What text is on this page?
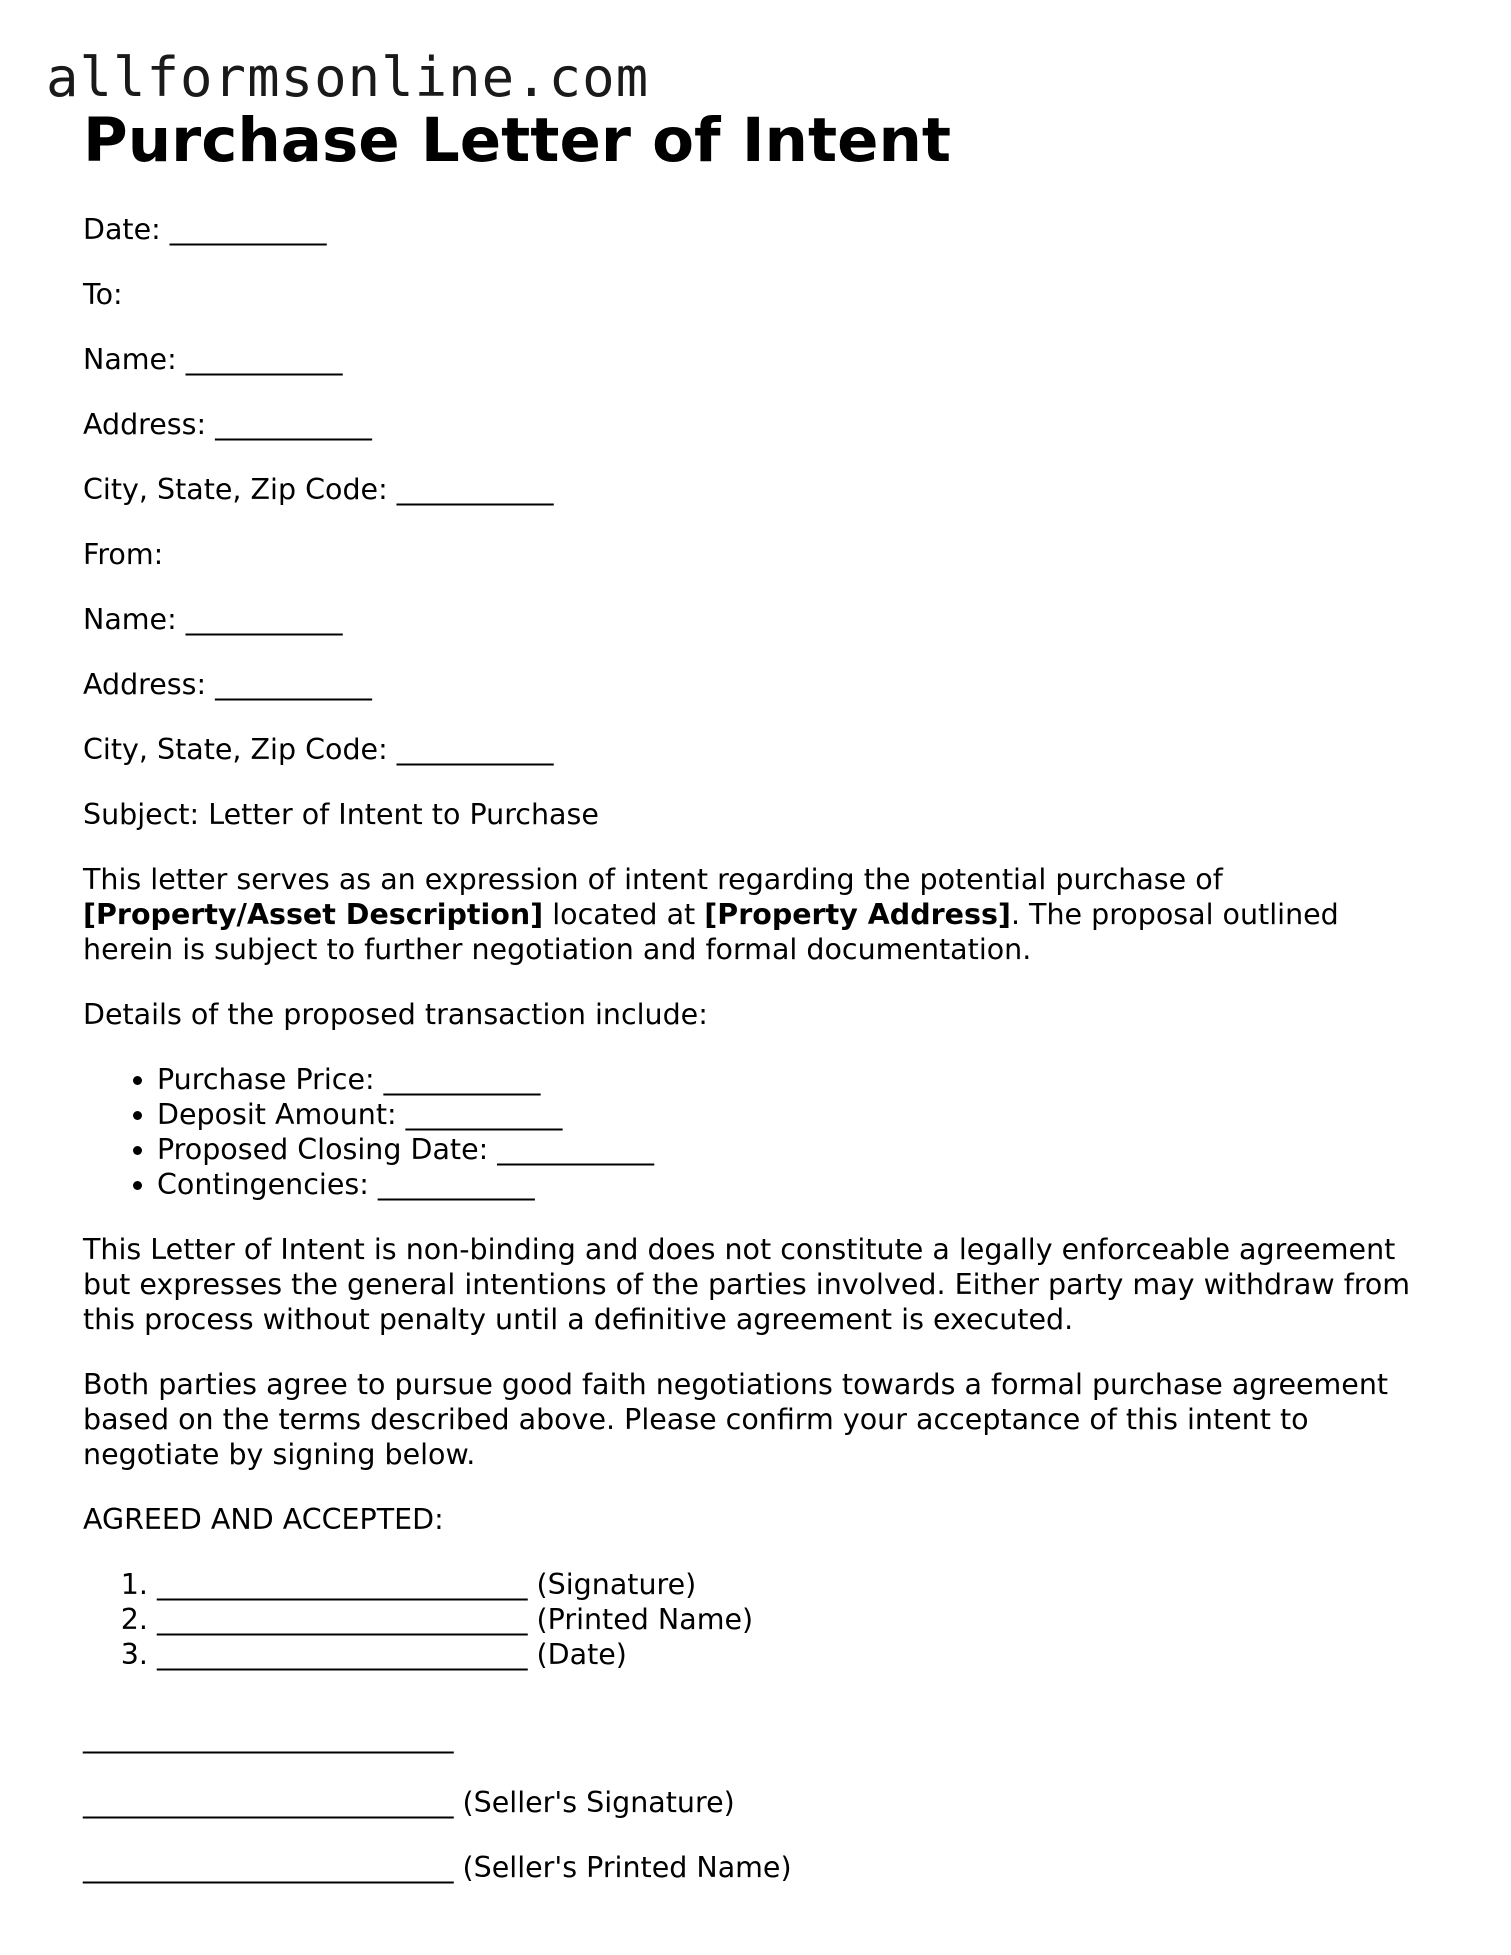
allformsonline.com
Purchase Letter of Intent

Date: ___________

To:

Name: ___________

Address: ___________

City, State, Zip Code: ___________

From:

Name: ___________

Address: ___________

City, State, Zip Code: ___________

Subject: Letter of Intent to Purchase

This letter serves as an expression of intent regarding the potential purchase of [Property/Asset Description] located at [Property Address]. The proposal outlined herein is subject to further negotiation and formal documentation.

Details of the proposed transaction include:

• Purchase Price: ___________
• Deposit Amount: ___________
• Proposed Closing Date: ___________
• Contingencies: ___________

This Letter of Intent is non-binding and does not constitute a legally enforceable agreement but expresses the general intentions of the parties involved. Either party may withdraw from this process without penalty until a definitive agreement is executed.

Both parties agree to pursue good faith negotiations towards a formal purchase agreement based on the terms described above. Please confirm your acceptance of this intent to negotiate by signing below.

AGREED AND ACCEPTED:

1. __________________________ (Signature)
2. __________________________ (Printed Name)
3. __________________________ (Date)

__________________________

__________________________ (Seller's Signature)

__________________________ (Seller's Printed Name)
